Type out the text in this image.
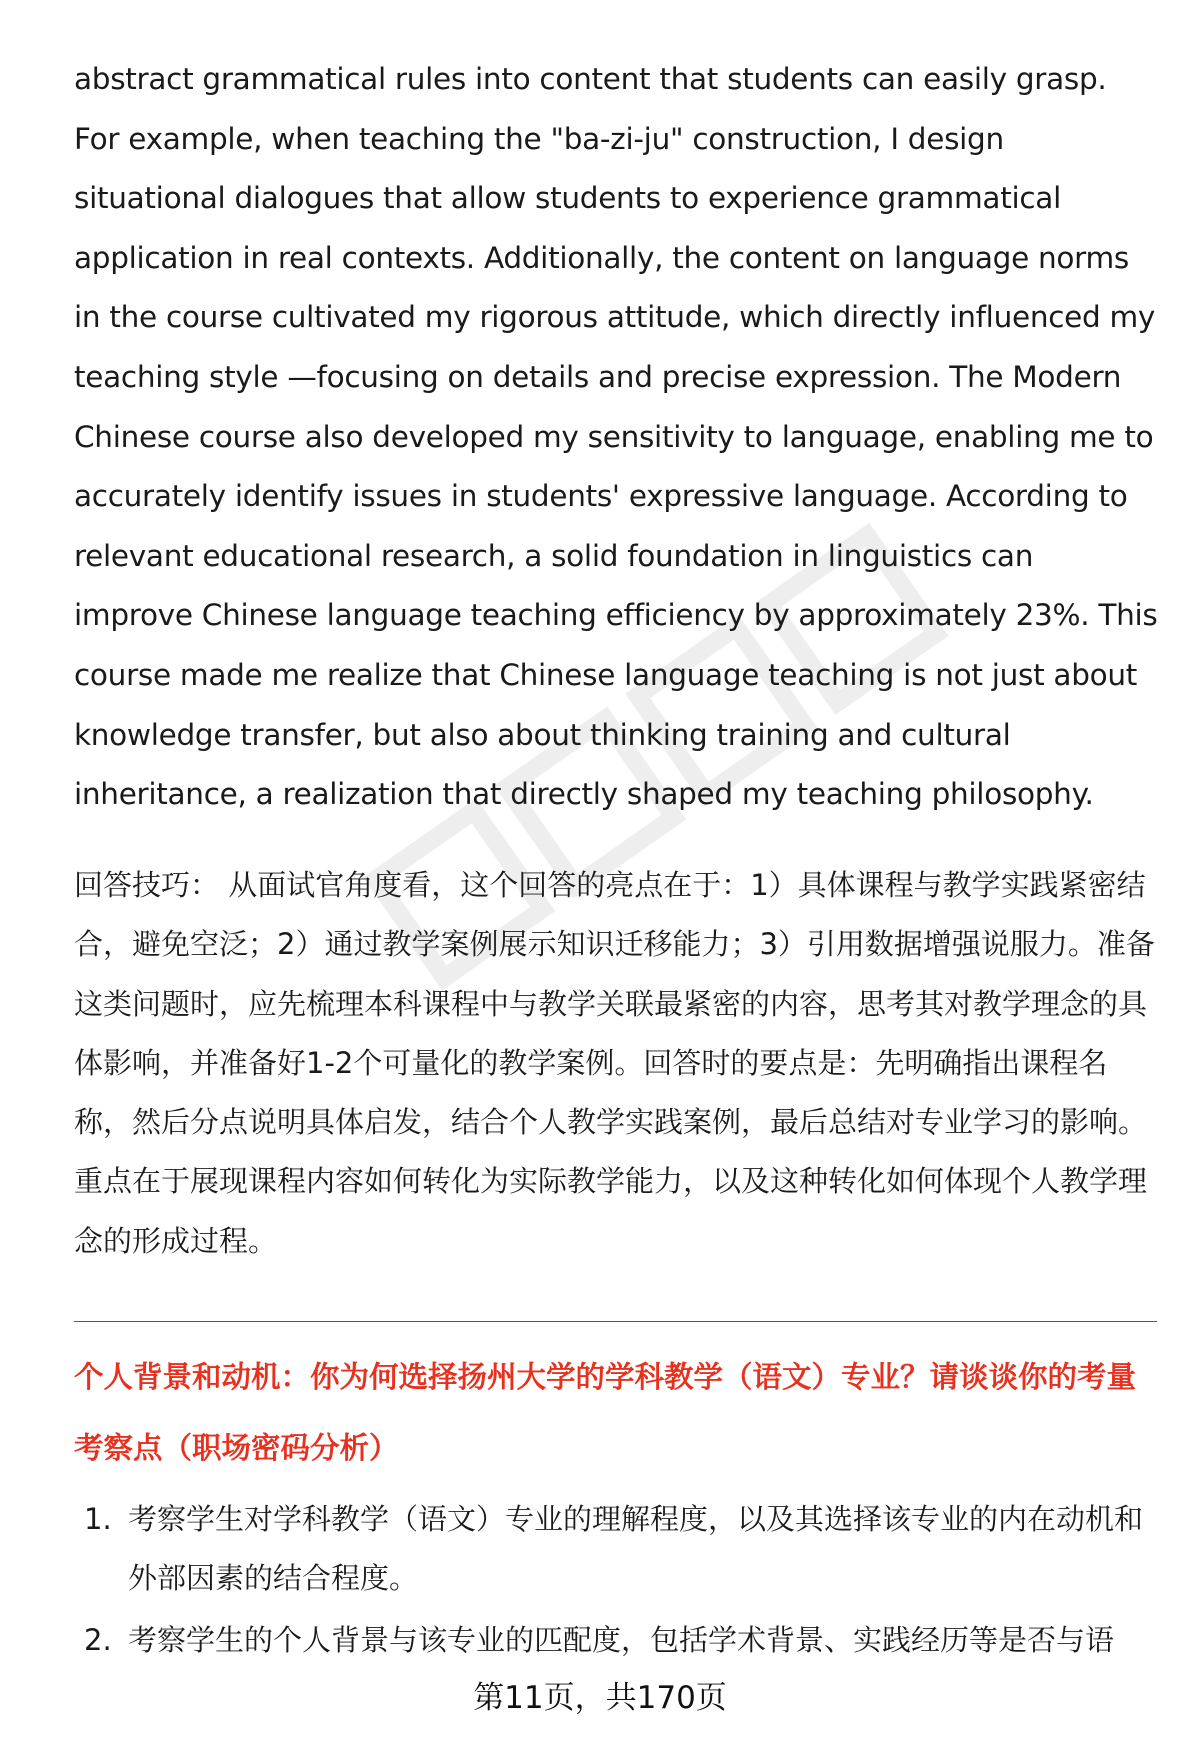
abstract grammatical rules into content that students can easily grasp. For example, when teaching the "ba-zi-ju" construction, I design situational dialogues that allow students to experience grammatical application in real contexts. Additionally, the content on language norms in the course cultivated my rigorous attitude, which directly influenced my teaching style —focusing on details and precise expression. The Modern Chinese course also developed my sensitivity to language, enabling me to accurately identify issues in students' expressive language. According to relevant educational research, a solid foundation in linguistics can improve Chinese language teaching efficiency by approximately 23%. This course made me realize that Chinese language teaching is not just about knowledge transfer, but also about thinking training and cultural inheritance, a realization that directly shaped my teaching philosophy.

回答技巧： 从面试官角度看，这个回答的亮点在于：1）具体课程与教学实践紧密结合，避免空泛；2）通过教学案例展示知识迁移能力；3）引用数据增强说服力。准备这类问题时，应先梳理本科课程中与教学关联最紧密的内容，思考其对教学理念的具体影响，并准备好1-2个可量化的教学案例。回答时的要点是：先明确指出课程名称，然后分点说明具体启发，结合个人教学实践案例，最后总结对专业学习的影响。重点在于展现课程内容如何转化为实际教学能力，以及这种转化如何体现个人教学理念的形成过程。

个人背景和动机：你为何选择扬州大学的学科教学（语文）专业？请谈谈你的考量
考察点（职场密码分析）
1. 考察学生对学科教学（语文）专业的理解程度，以及其选择该专业的内在动机和外部因素的结合程度。
2. 考察学生的个人背景与该专业的匹配度，包括学术背景、实践经历等是否与语
第11页，共170页
